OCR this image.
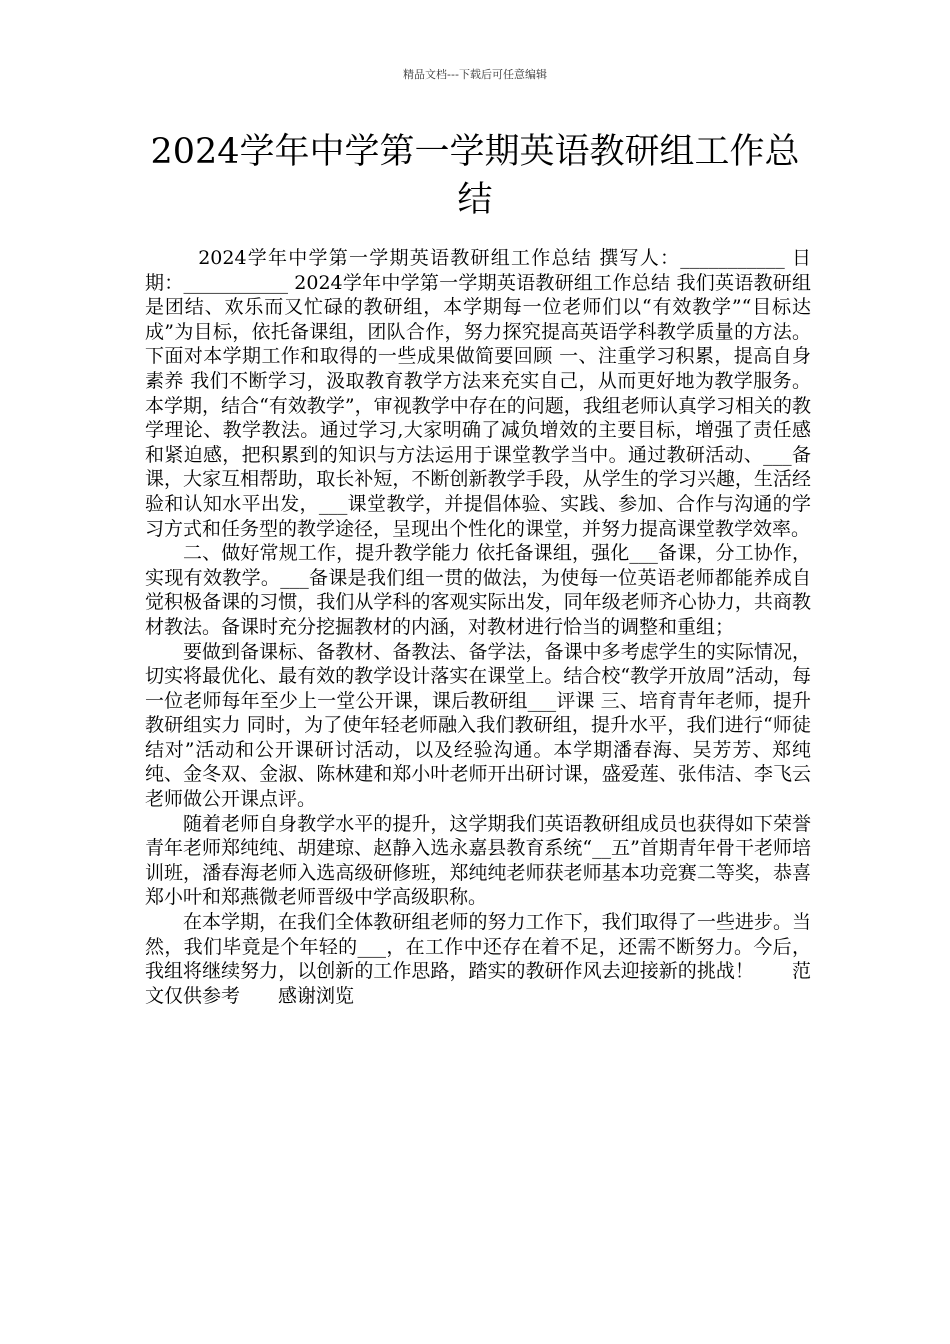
精品文档---下载后可任意编辑
2024学年中学第一学期英语教研组工作总结

2024学年中学第一学期英语教研组工作总结 撰写人：___________ 日 期：___________ 2024学年中学第一学期英语教研组工作总结 我们英语教研组是团结、欢乐而又忙碌的教研组，本学期每一位老师们以“有效教学”“目标达成”为目标，依托备课组，团队合作，努力探究提高英语学科教学质量的方法。下面对本学期工作和取得的一些成果做简要回顾 一、注重学习积累，提高自身素养 我们不断学习，汲取教育教学方法来充实自己，从而更好地为教学服务。本学期，结合“有效教学”，审视教学中存在的问题，我组老师认真学习相关的教学理论、教学教法。通过学习,大家明确了减负增效的主要目标，增强了责任感和紧迫感，把积累到的知识与方法运用于课堂教学当中。通过教研活动、___备课，大家互相帮助，取长补短，不断创新教学手段，从学生的学习兴趣，生活经验和认知水平出发，___课堂教学，并提倡体验、实践、参加、合作与沟通的学习方式和任务型的教学途径，呈现出个性化的课堂，并努力提高课堂教学效率。

二、做好常规工作，提升教学能力 依托备课组，强化___备课，分工协作，实现有效教学。___备课是我们组一贯的做法，为使每一位英语老师都能养成自觉积极备课的习惯，我们从学科的客观实际出发，同年级老师齐心协力，共商教材教法。备课时充分挖掘教材的内涵，对教材进行恰当的调整和重组；

要做到备课标、备教材、备教法、备学法，备课中多考虑学生的实际情况，切实将最优化、最有效的教学设计落实在课堂上。结合校“教学开放周”活动，每一位老师每年至少上一堂公开课，课后教研组___评课 三、培育青年老师，提升教研组实力 同时，为了使年轻老师融入我们教研组，提升水平，我们进行“师徒结对”活动和公开课研讨活动，以及经验沟通。本学期潘春海、吴芳芳、郑纯纯、金冬双、金淑、陈林建和郑小叶老师开出研讨课，盛爱莲、张伟洁、李飞云老师做公开课点评。

随着老师自身教学水平的提升，这学期我们英语教研组成员也获得如下荣誉青年老师郑纯纯、胡建琼、赵静入选永嘉县教育系统“__五”首期青年骨干老师培训班，潘春海老师入选高级研修班，郑纯纯老师获老师基本功竞赛二等奖，恭喜郑小叶和郑燕微老师晋级中学高级职称。

在本学期，在我们全体教研组老师的努力工作下，我们取得了一些进步。当然，我们毕竟是个年轻的___，在工作中还存在着不足，还需不断努力。今后，我组将继续努力，以创新的工作思路，踏实的教研作风去迎接新的挑战！　　范文仅供参考　　感谢浏览
